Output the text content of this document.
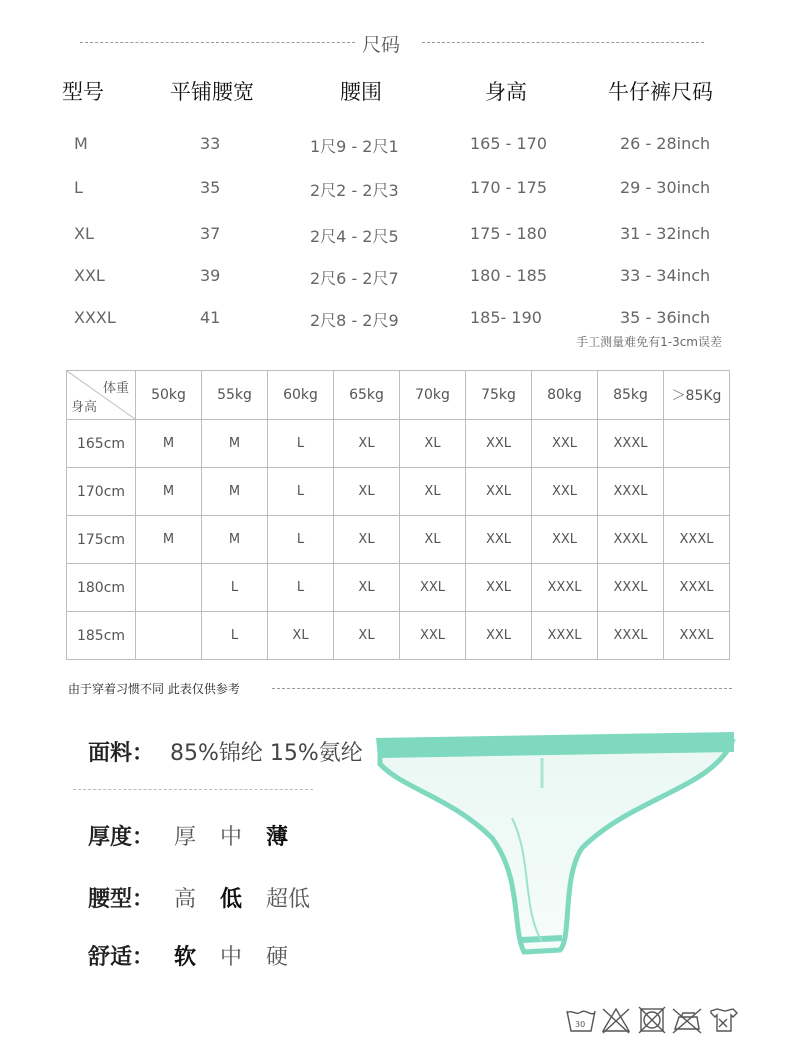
尺码
型号	平铺腰宽	腰围	身高	牛仔裤尺码
M	33	1尺9 - 2尺1	165 - 170	26 - 28inch
L	35	2尺2 - 2尺3	170 - 175	29 - 30inch
XL	37	2尺4 - 2尺5	175 - 180	31 - 32inch
XXL	39	2尺6 - 2尺7	180 - 185	33 - 34inch
XXXL	41	2尺8 - 2尺9	185- 190	35 - 36inch
手工测量难免有1-3cm误差
体重
身高	50kg	55kg	60kg	65kg	70kg	75kg	80kg	85kg	＞85Kg
165cm	M	M	L	XL	XL	XXL	XXL	XXXL	
170cm	M	M	L	XL	XL	XXL	XXL	XXXL	
175cm	M	M	L	XL	XL	XXL	XXL	XXXL	XXXL
180cm		L	L	XL	XXL	XXL	XXXL	XXXL	XXXL
185cm		L	XL	XL	XXL	XXL	XXXL	XXXL	XXXL
由于穿着习惯不同 此表仅供参考
面料： 85%锦纶 15%氨纶
厚度： 厚 中 薄
腰型： 高 低 超低
舒适： 软 中 硬
30
